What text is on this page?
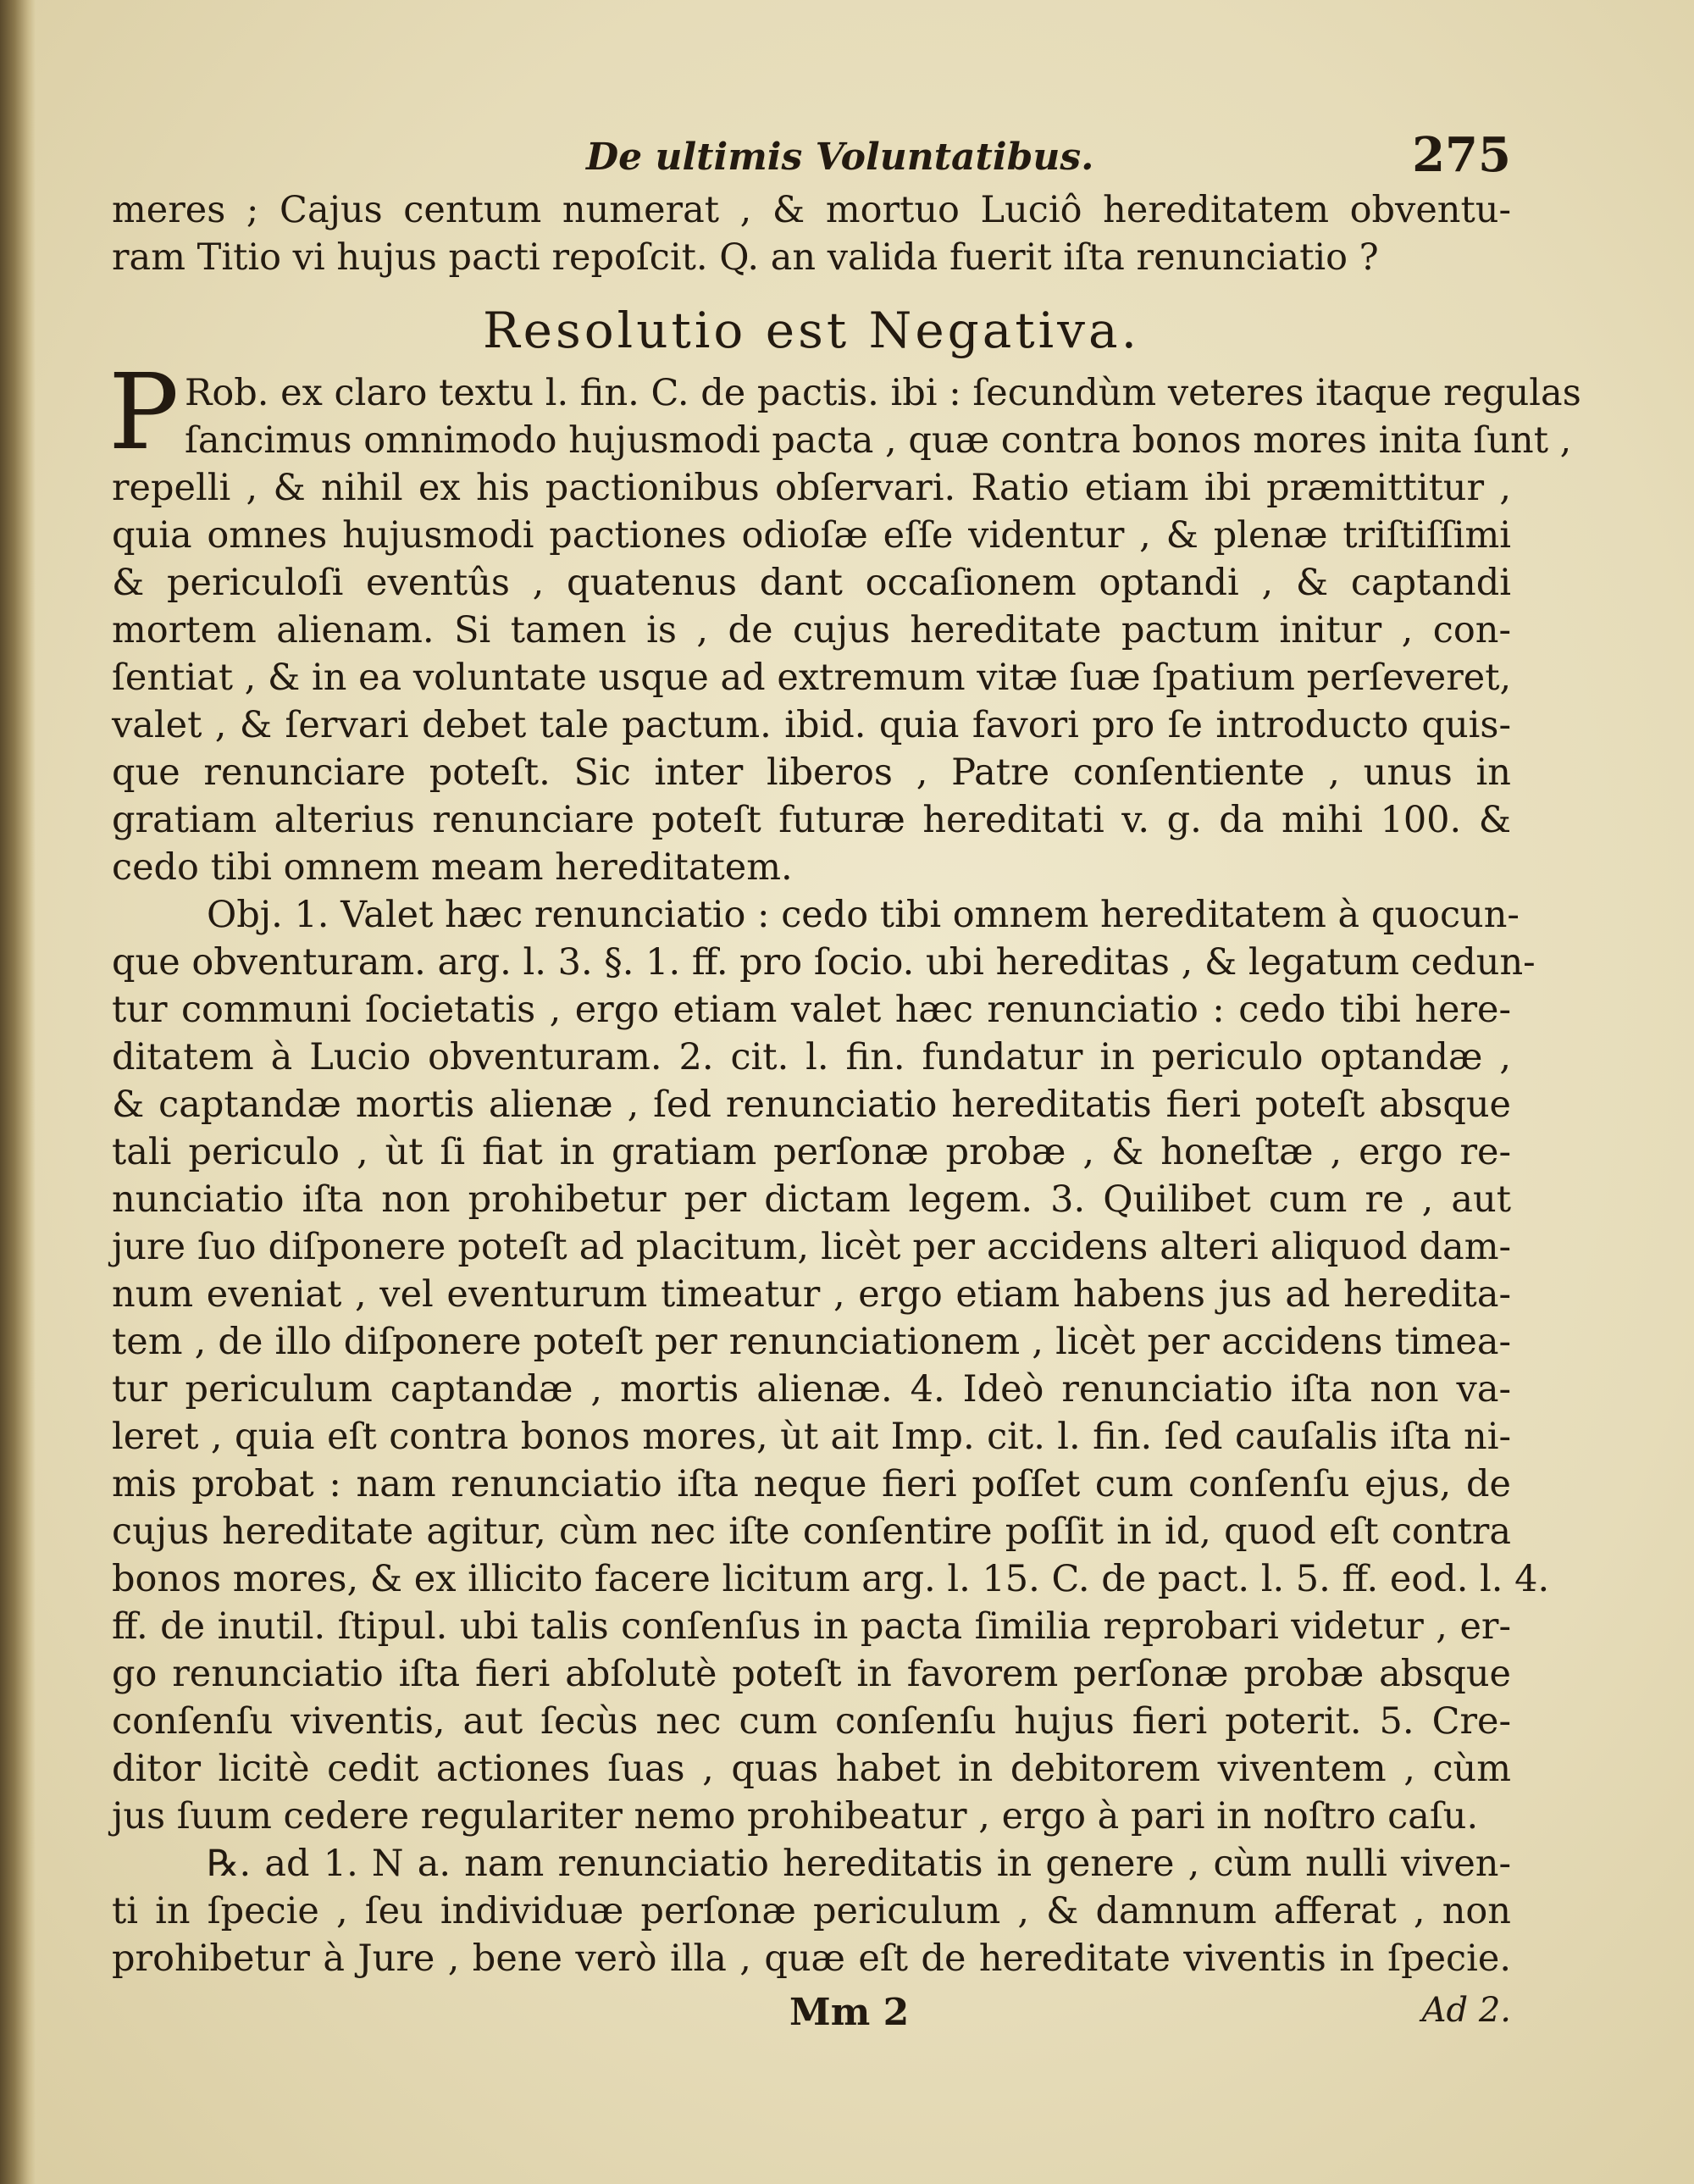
De ultimis Voluntatibus.	275
meres ; Cajus centum numerat , & mortuo Luciô hereditatem obventu-
ram Titio vi hujus pacti repoſcit. Q. an valida fuerit iſta renunciatio ?
Resolutio est Negativa.
P Rob. ex claro textu l. fin. C. de pactis. ibi : ſecundùm veteres itaque regulas
ſancimus omnimodo hujusmodi pacta , quæ contra bonos mores inita ſunt ,
repelli , & nihil ex his pactionibus obſervari. Ratio etiam ibi præmittitur ,
quia omnes hujusmodi pactiones odioſæ eſſe videntur , & plenæ triſtiſſimi
& periculoſi eventûs , quatenus dant occaſionem optandi , & captandi
mortem alienam. Si tamen is , de cujus hereditate pactum initur , con-
ſentiat , & in ea voluntate usque ad extremum vitæ ſuæ ſpatium perſeveret,
valet , & ſervari debet tale pactum. ibid. quia favori pro ſe introducto quis-
que renunciare poteſt. Sic inter liberos , Patre conſentiente , unus in
gratiam alterius renunciare poteſt futuræ hereditati v. g. da mihi 100. &
cedo tibi omnem meam hereditatem.
Obj. 1. Valet hæc renunciatio : cedo tibi omnem hereditatem à quocun-
que obventuram. arg. l. 3. §. 1. ff. pro ſocio. ubi hereditas , & legatum cedun-
tur communi ſocietatis , ergo etiam valet hæc renunciatio : cedo tibi here-
ditatem à Lucio obventuram. 2. cit. l. fin. fundatur in periculo optandæ ,
& captandæ mortis alienæ , ſed renunciatio hereditatis fieri poteſt absque
tali periculo , ùt ſi fiat in gratiam perſonæ probæ , & honeſtæ , ergo re-
nunciatio iſta non prohibetur per dictam legem. 3. Quilibet cum re , aut
jure ſuo diſponere poteſt ad placitum, licèt per accidens alteri aliquod dam-
num eveniat , vel eventurum timeatur , ergo etiam habens jus ad heredita-
tem , de illo diſponere poteſt per renunciationem , licèt per accidens timea-
tur periculum captandæ , mortis alienæ. 4. Ideò renunciatio iſta non va-
leret , quia eſt contra bonos mores, ùt ait Imp. cit. l. fin. ſed cauſalis iſta ni-
mis probat : nam renunciatio iſta neque fieri poſſet cum conſenſu ejus, de
cujus hereditate agitur, cùm nec iſte conſentire poſſit in id, quod eſt contra
bonos mores, & ex illicito facere licitum arg. l. 15. C. de pact. l. 5. ff. eod. l. 4.
ff. de inutil. ſtipul. ubi talis conſenſus in pacta ſimilia reprobari videtur , er-
go renunciatio iſta fieri abſolutè poteſt in favorem perſonæ probæ absque
conſenſu viventis, aut ſecùs nec cum conſenſu hujus fieri poterit. 5. Cre-
ditor licitè cedit actiones ſuas , quas habet in debitorem viventem , cùm
jus ſuum cedere regulariter nemo prohibeatur , ergo à pari in noſtro caſu.
℞. ad 1. N a. nam renunciatio hereditatis in genere , cùm nulli viven-
ti in ſpecie , ſeu individuæ perſonæ periculum , & damnum afferat , non
prohibetur à Jure , bene verò illa , quæ eſt de hereditate viventis in ſpecie.
Mm 2	Ad 2.
